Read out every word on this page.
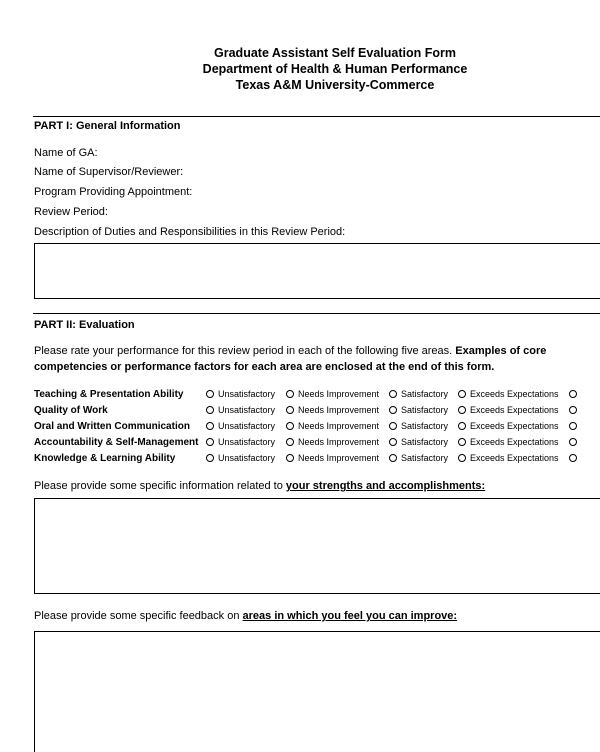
Graduate Assistant Self Evaluation Form
Department of Health & Human Performance
Texas A&M University-Commerce
PART I: General Information
Name of GA:
Name of Supervisor/Reviewer:
Program Providing Appointment:
Review Period:
Description of Duties and Responsibilities in this Review Period:
PART II: Evaluation
Please rate your performance for this review period in each of the following five areas. Examples of core competencies or performance factors for each area are enclosed at the end of this form.
Teaching & Presentation Ability	Unsatisfactory	Needs Improvement	Satisfactory	Exceeds Expectations
Quality of Work	Unsatisfactory	Needs Improvement	Satisfactory	Exceeds Expectations
Oral and Written Communication	Unsatisfactory	Needs Improvement	Satisfactory	Exceeds Expectations
Accountability & Self-Management	Unsatisfactory	Needs Improvement	Satisfactory	Exceeds Expectations
Knowledge & Learning Ability	Unsatisfactory	Needs Improvement	Satisfactory	Exceeds Expectations
Please provide some specific information related to your strengths and accomplishments:
Please provide some specific feedback on areas in which you feel you can improve:
